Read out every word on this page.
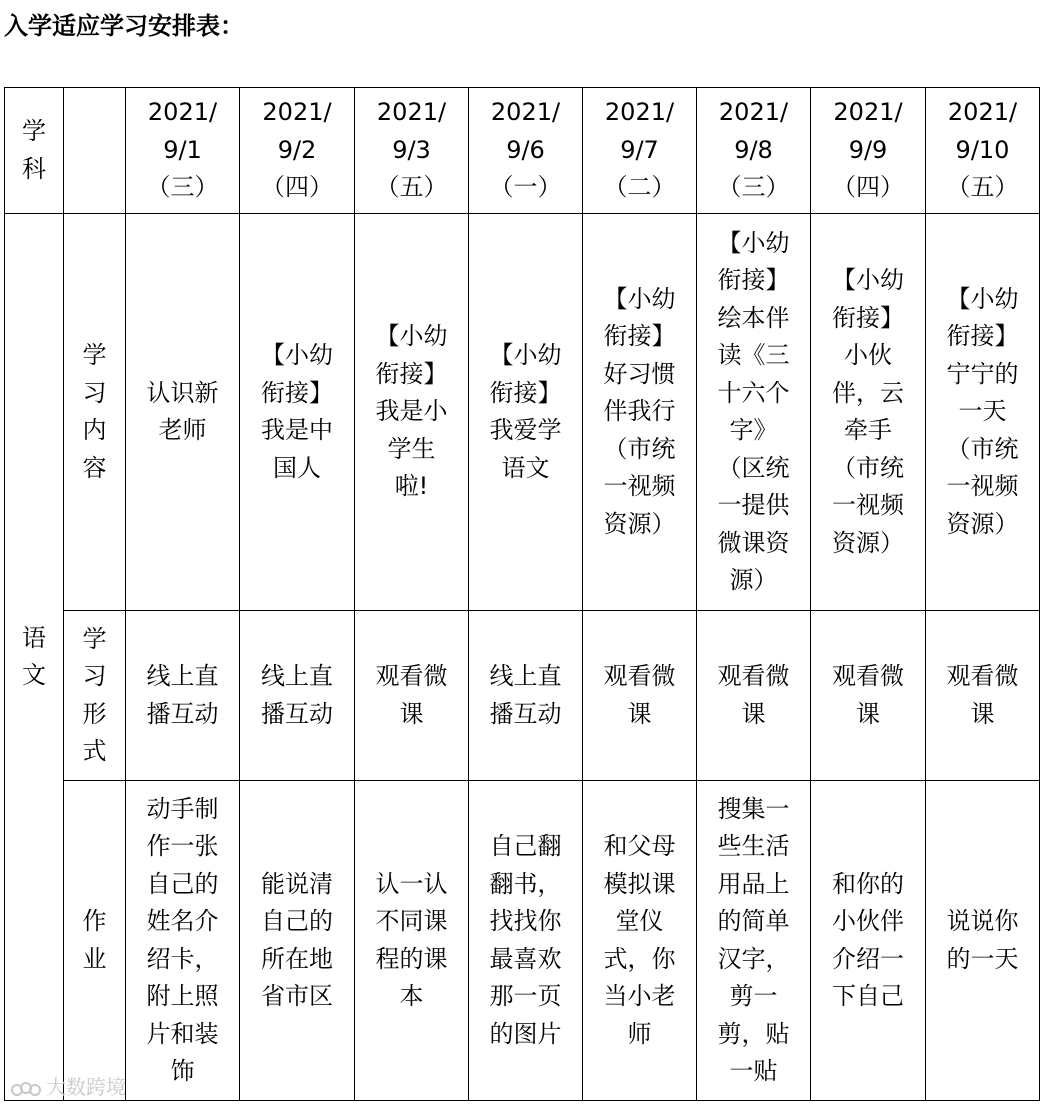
入学适应学习安排表：
学科		2021/9/1（三）	2021/9/2（四）	2021/9/3（五）	2021/9/6（一）	2021/9/7（二）	2021/9/8（三）	2021/9/9（四）	2021/9/10（五）

语文	学习内容	认识新老师	【小幼衔接】我是中国人	【小幼衔接】我是小学生啦!	【小幼衔接】我爱学语文	【小幼衔接】好习惯伴我行（市统一视频资源）	【小幼衔接】绘本伴读《三十六个字》（区统一提供微课资源）	【小幼衔接】小伙伴，云牵手（市统一视频资源）	【小幼衔接】宁宁的一天（市统一视频资源）

	学习形式	线上直播互动	线上直播互动	观看微课	线上直播互动	观看微课	观看微课	观看微课	观看微课

	作业	动手制作一张自己的姓名介绍卡，附上照片和装饰	能说清自己的所在地省市区	认一认不同课程的课本	自己翻翻书，找找你最喜欢那一页的图片	和父母模拟课堂仪式，你当小老师	搜集一些生活用品上的简单汉字，剪一剪，贴一贴	和你的小伙伴介绍一下自己	说说你的一天
大数跨境
